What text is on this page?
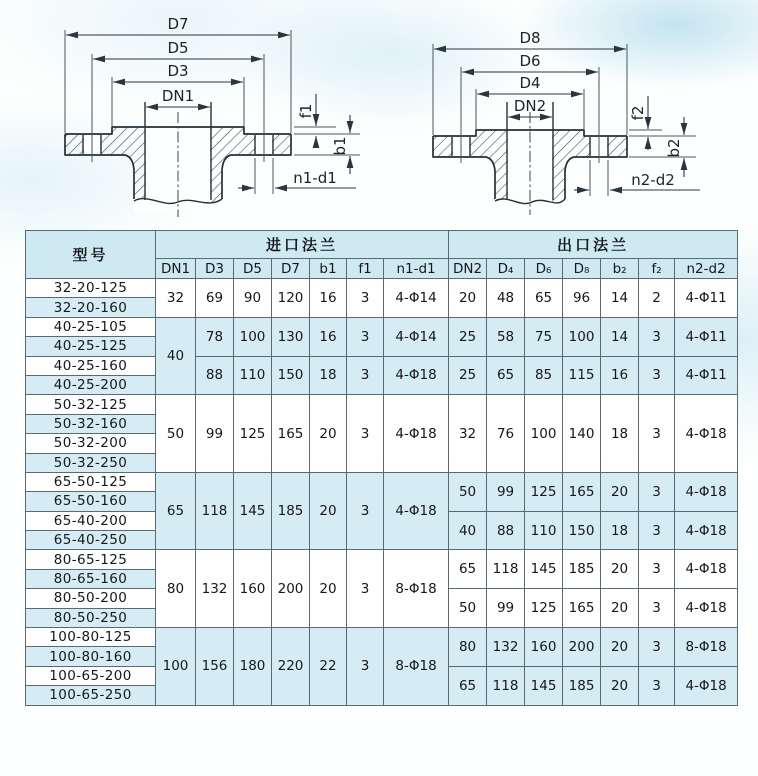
D7
D5
D3
DN1
f1
b1
n1-d1
D8
D6
D4
DN2	f2
b2
n2-d2
型号	进口法兰							出口法兰						
	DN1	D3	D5	D7	b1	f1	n1-d1	DN2	D₄	D₆	D₈	b₂	f₂	n2-d2
32-20-125	32	69	90	120	16	3	4-Φ14	20	48	65	96	14	2	4-Φ11
32-20-160														
40-25-105	40	78	100	130	16	3	4-Φ14	25	58	75	100	14	3	4-Φ11
40-25-125														
40-25-160		88	110	150	18	3	4-Φ18	25	65	85	115	16	3	4-Φ11
40-25-200														
50-32-125	50	99	125	165	20	3	4-Φ18	32	76	100	140	18	3	4-Φ18
50-32-160														
50-32-200														
50-32-250														
65-50-125	65	118	145	185	20	3	4-Φ18	50	99	125	165	20	3	4-Φ18
65-50-160														
65-40-200								40	88	110	150	18	3	4-Φ18
65-40-250														
80-65-125	80	132	160	200	20	3	8-Φ18	65	118	145	185	20	3	4-Φ18
80-65-160														
80-50-200								50	99	125	165	20	3	4-Φ18
80-50-250														
100-80-125	100	156	180	220	22	3	8-Φ18	80	132	160	200	20	3	8-Φ18
100-80-160														
100-65-200								65	118	145	185	20	3	4-Φ18
100-65-250														
